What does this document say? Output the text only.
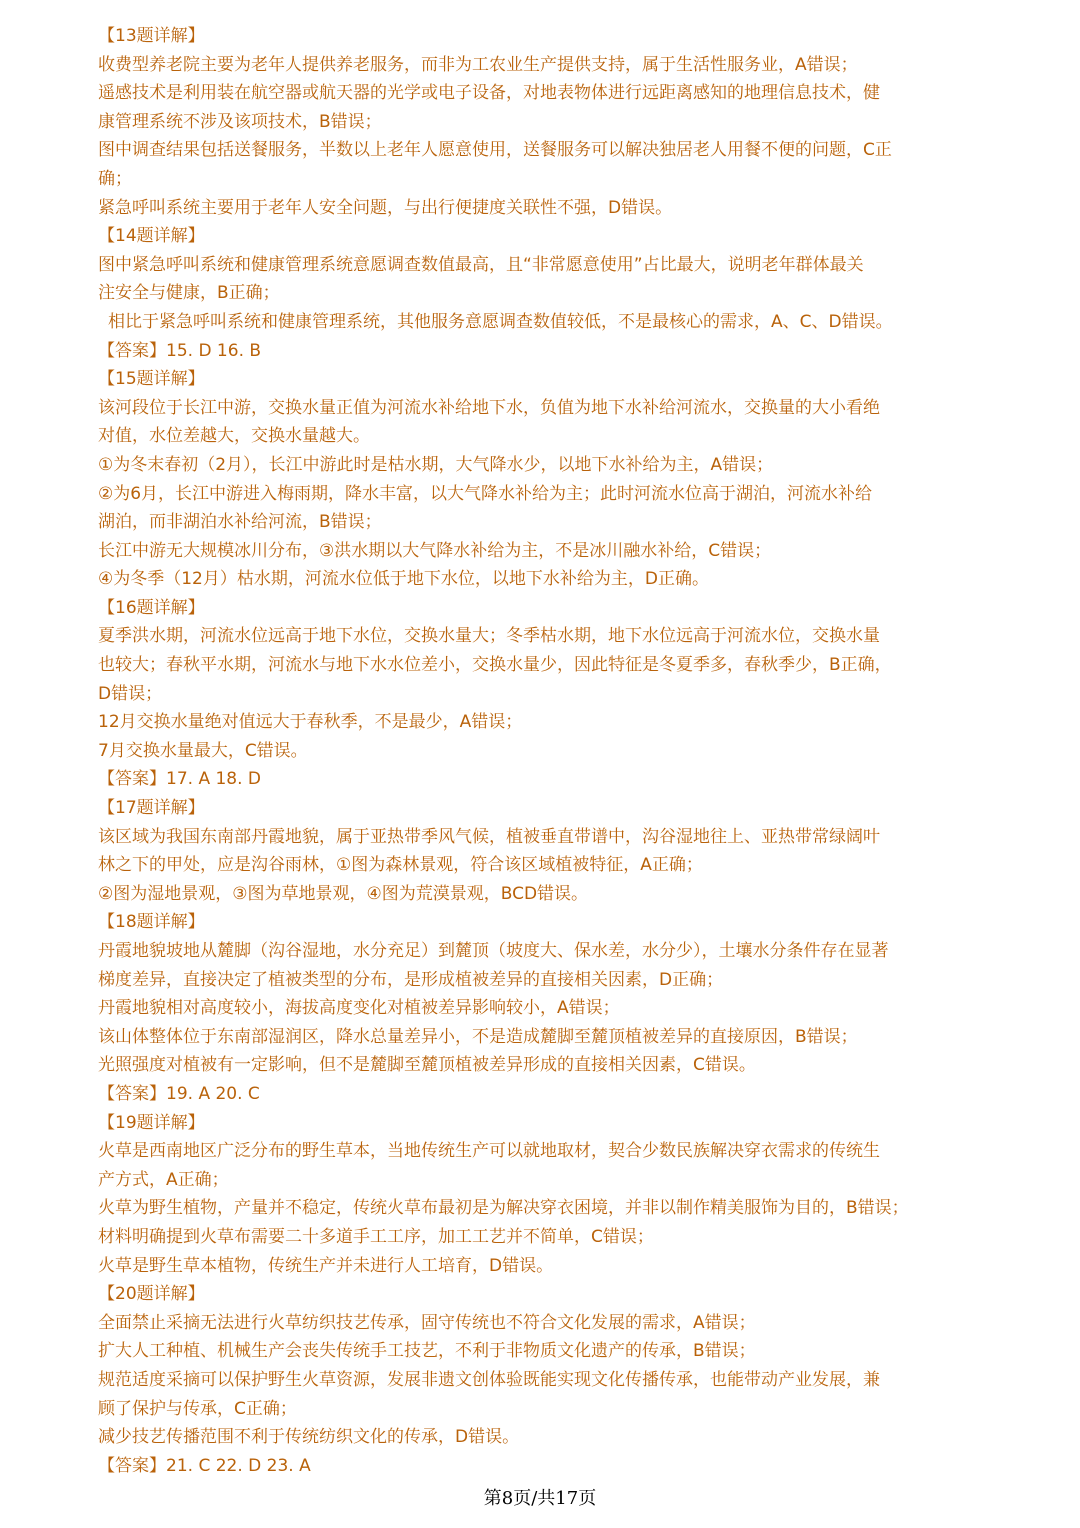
【13题详解】
收费型养老院主要为老年人提供养老服务，而非为工农业生产提供支持，属于生活性服务业，A错误；
遥感技术是利用装在航空器或航天器的光学或电子设备，对地表物体进行远距离感知的地理信息技术，健
康管理系统不涉及该项技术，B错误；
图中调查结果包括送餐服务，半数以上老年人愿意使用，送餐服务可以解决独居老人用餐不便的问题，C正
确；
紧急呼叫系统主要用于老年人安全问题，与出行便捷度关联性不强，D错误。
【14题详解】
图中紧急呼叫系统和健康管理系统意愿调查数值最高，且“非常愿意使用”占比最大，说明老年群体最关
注安全与健康，B正确；
相比于紧急呼叫系统和健康管理系统，其他服务意愿调查数值较低，不是最核心的需求，A、C、D错误。
【答案】15. D 16. B
【15题详解】
该河段位于长江中游，交换水量正值为河流水补给地下水，负值为地下水补给河流水，交换量的大小看绝
对值，水位差越大，交换水量越大。
①为冬末春初（2月），长江中游此时是枯水期，大气降水少，以地下水补给为主，A错误；
②为6月，长江中游进入梅雨期，降水丰富，以大气降水补给为主；此时河流水位高于湖泊，河流水补给
湖泊，而非湖泊水补给河流，B错误；
长江中游无大规模冰川分布，③洪水期以大气降水补给为主，不是冰川融水补给，C错误；
④为冬季（12月）枯水期，河流水位低于地下水位，以地下水补给为主，D正确。
【16题详解】
夏季洪水期，河流水位远高于地下水位，交换水量大；冬季枯水期，地下水位远高于河流水位，交换水量
也较大；春秋平水期，河流水与地下水水位差小，交换水量少，因此特征是冬夏季多，春秋季少，B正确，
D错误；
12月交换水量绝对值远大于春秋季，不是最少，A错误；
7月交换水量最大，C错误。
【答案】17. A 18. D
【17题详解】
该区域为我国东南部丹霞地貌，属于亚热带季风气候，植被垂直带谱中，沟谷湿地往上、亚热带常绿阔叶
林之下的甲处，应是沟谷雨林，①图为森林景观，符合该区域植被特征，A正确；
②图为湿地景观，③图为草地景观，④图为荒漠景观，BCD错误。
【18题详解】
丹霞地貌坡地从麓脚（沟谷湿地，水分充足）到麓顶（坡度大、保水差，水分少），土壤水分条件存在显著
梯度差异，直接决定了植被类型的分布，是形成植被差异的直接相关因素，D正确；
丹霞地貌相对高度较小，海拔高度变化对植被差异影响较小，A错误；
该山体整体位于东南部湿润区，降水总量差异小，不是造成麓脚至麓顶植被差异的直接原因，B错误；
光照强度对植被有一定影响，但不是麓脚至麓顶植被差异形成的直接相关因素，C错误。
【答案】19. A 20. C
【19题详解】
火草是西南地区广泛分布的野生草本，当地传统生产可以就地取材，契合少数民族解决穿衣需求的传统生
产方式，A正确；
火草为野生植物，产量并不稳定，传统火草布最初是为解决穿衣困境，并非以制作精美服饰为目的，B错误；
材料明确提到火草布需要二十多道手工工序，加工工艺并不简单，C错误；
火草是野生草本植物，传统生产并未进行人工培育，D错误。
【20题详解】
全面禁止采摘无法进行火草纺织技艺传承，固守传统也不符合文化发展的需求，A错误；
扩大人工种植、机械生产会丧失传统手工技艺，不利于非物质文化遗产的传承，B错误；
规范适度采摘可以保护野生火草资源，发展非遗文创体验既能实现文化传播传承，也能带动产业发展，兼
顾了保护与传承，C正确；
减少技艺传播范围不利于传统纺织文化的传承，D错误。
【答案】21. C 22. D 23. A
第8页/共17页
